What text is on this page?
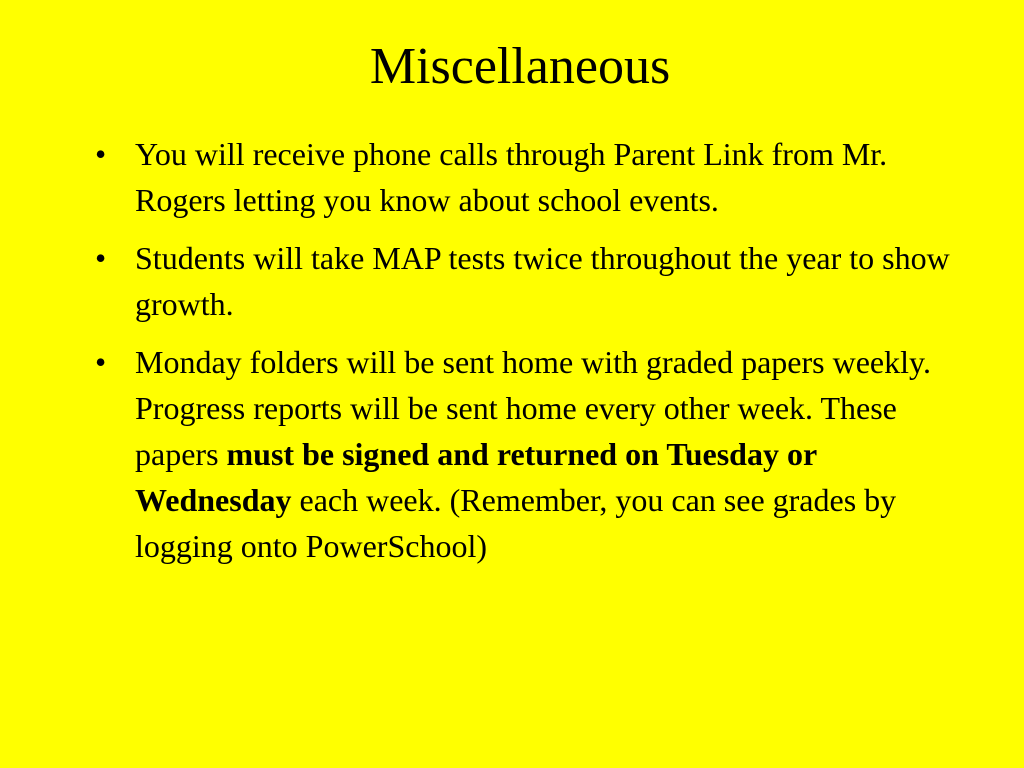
Miscellaneous
• You will receive phone calls through Parent Link from Mr. Rogers letting you know about school events.
• Students will take MAP tests twice throughout the year to show growth.
• Monday folders will be sent home with graded papers weekly. Progress reports will be sent home every other week. These papers must be signed and returned on Tuesday or Wednesday each week. (Remember, you can see grades by logging onto PowerSchool)
